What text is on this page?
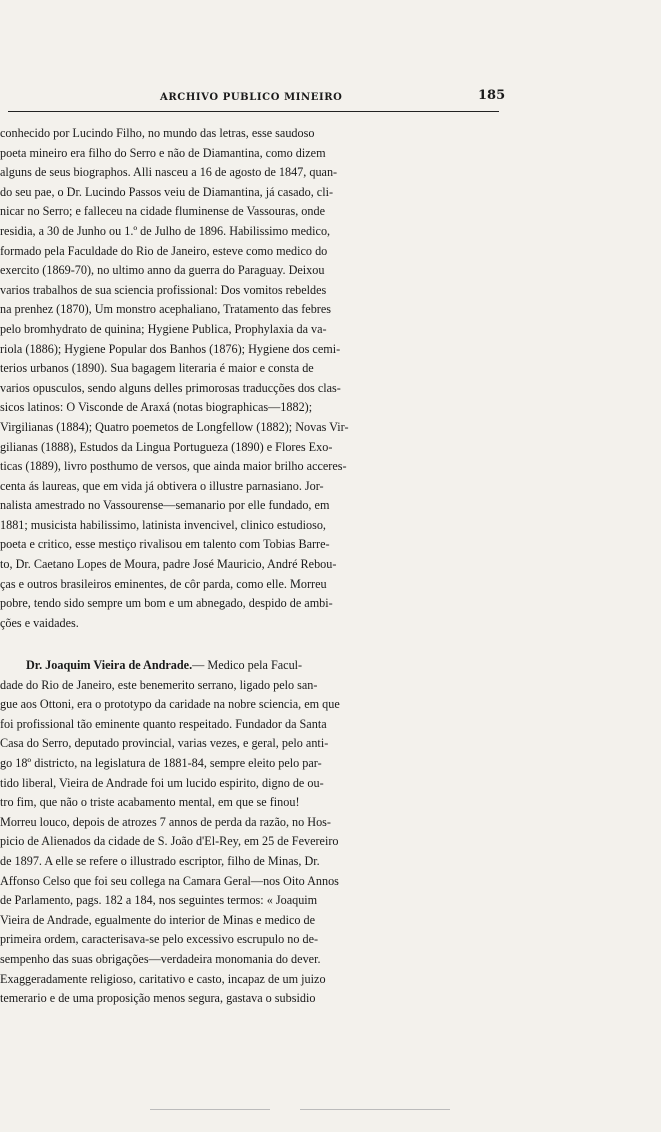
ARCHIVO PUBLICO MINEIRO	185
conhecido por Lucindo Filho, no mundo das letras, esse saudoso
poeta mineiro era filho do Serro e não de Diamantina, como dizem
alguns de seus biographos. Alli nasceu a 16 de agosto de 1847, quan-
do seu pae, o Dr. Lucindo Passos veiu de Diamantina, já casado, cli-
nicar no Serro; e falleceu na cidade fluminense de Vassouras, onde
residia, a 30 de Junho ou 1.º de Julho de 1896. Habilissimo medico,
formado pela Faculdade do Rio de Janeiro, esteve como medico do
exercito (1869-70), no ultimo anno da guerra do Paraguay. Deixou
varios trabalhos de sua sciencia profissional: Dos vomitos rebeldes
na prenhez (1870), Um monstro acephaliano, Tratamento das febres
pelo bromhydrato de quinina; Hygiene Publica, Prophylaxia da va-
riola (1886); Hygiene Popular dos Banhos (1876); Hygiene dos cemi-
terios urbanos (1890). Sua bagagem literaria é maior e consta de
varios opusculos, sendo alguns delles primorosas traducções dos clas-
sicos latinos: O Visconde de Araxá (notas biographicas—1882);
Virgilianas (1884); Quatro poemetos de Longfellow (1882); Novas Vir-
gilianas (1888), Estudos da Lingua Portugueza (1890) e Flores Exo-
ticas (1889), livro posthumo de versos, que ainda maior brilho acceres-
centa ás laureas, que em vida já obtivera o illustre parnasiano. Jor-
nalista amestrado no Vassourense—semanario por elle fundado, em
1881; musicista habilissimo, latinista invencivel, clinico estudioso,
poeta e critico, esse mestiço rivalisou em talento com Tobias Barre-
to, Dr. Caetano Lopes de Moura, padre José Mauricio, André Rebou-
ças e outros brasileiros eminentes, de côr parda, como elle. Morreu
pobre, tendo sido sempre um bom e um abnegado, despido de ambi-
ções e vaidades.
Dr. Joaquim Vieira de Andrade.— Medico pela Facul-
dade do Rio de Janeiro, este benemerito serrano, ligado pelo san-
gue aos Ottoni, era o prototypo da caridade na nobre sciencia, em que
foi profissional tão eminente quanto respeitado. Fundador da Santa
Casa do Serro, deputado provincial, varias vezes, e geral, pelo anti-
go 18º districto, na legislatura de 1881-84, sempre eleito pelo par-
tido liberal, Vieira de Andrade foi um lucido espirito, digno de ou-
tro fim, que não o triste acabamento mental, em que se finou!
Morreu louco, depois de atrozes 7 annos de perda da razão, no Hos-
picio de Alienados da cidade de S. João d'El-Rey, em 25 de Fevereiro
de 1897. A elle se refere o illustrado escriptor, filho de Minas, Dr.
Affonso Celso que foi seu collega na Camara Geral—nos Oito Annos
de Parlamento, pags. 182 a 184, nos seguintes termos: « Joaquim
Vieira de Andrade, egualmente do interior de Minas e medico de
primeira ordem, caracterisava-se pelo excessivo escrupulo no de-
sempenho das suas obrigações—verdadeira monomania do dever.
Exaggeradamente religioso, caritativo e casto, incapaz de um juizo
temerario e de uma proposição menos segura, gastava o subsidio
